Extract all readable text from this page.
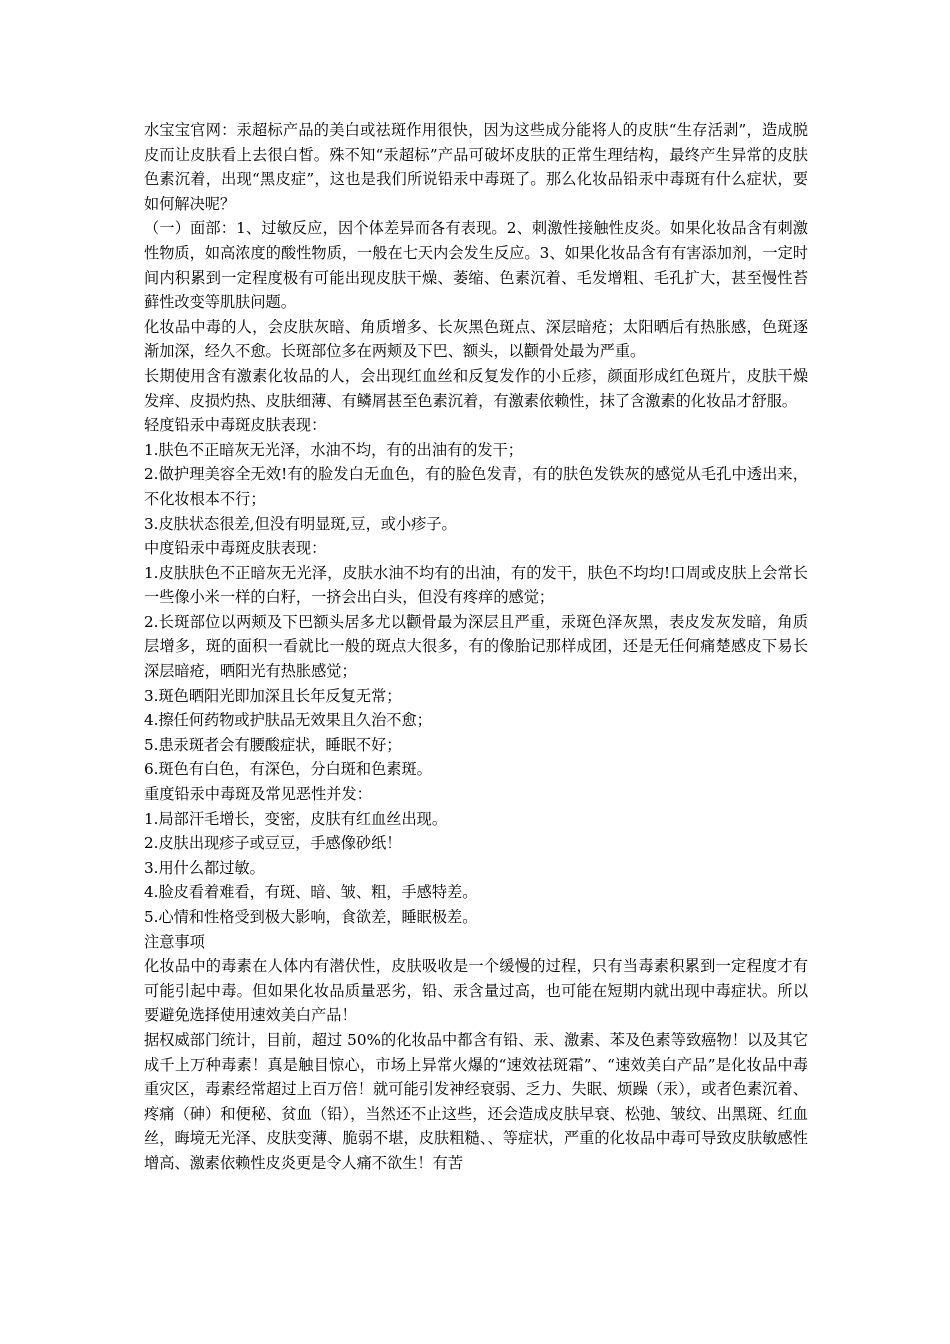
水宝宝官网：汞超标产品的美白或祛斑作用很快，因为这些成分能将人的皮肤“生存活剥”，造成脱皮而让皮肤看上去很白皙。殊不知“汞超标”产品可破坏皮肤的正常生理结构，最终产生异常的皮肤色素沉着，出现“黑皮症”，这也是我们所说铅汞中毒斑了。那么化妆品铅汞中毒斑有什么症状，要如何解决呢？

（一）面部：1、过敏反应，因个体差异而各有表现。2、刺激性接触性皮炎。如果化妆品含有刺激性物质，如高浓度的酸性物质，一般在七天内会发生反应。3、如果化妆品含有有害添加剂，一定时间内积累到一定程度极有可能出现皮肤干燥、萎缩、色素沉着、毛发增粗、毛孔扩大，甚至慢性苔藓性改变等肌肤问题。

化妆品中毒的人，会皮肤灰暗、角质增多、长灰黑色斑点、深层暗疮；太阳晒后有热胀感，色斑逐渐加深，经久不愈。长斑部位多在两颊及下巴、额头，以颧骨处最为严重。

长期使用含有激素化妆品的人，会出现红血丝和反复发作的小丘疹，颜面形成红色斑片，皮肤干燥发痒、皮损灼热、皮肤细薄、有鳞屑甚至色素沉着，有激素依赖性，抹了含激素的化妆品才舒服。

轻度铅汞中毒斑皮肤表现：

1.肤色不正暗灰无光泽，水油不均，有的出油有的发干；

2.做护理美容全无效!有的脸发白无血色，有的脸色发青，有的肤色发铁灰的感觉从毛孔中透出来，不化妆根本不行；

3.皮肤状态很差,但没有明显斑,豆，或小疹子。

中度铅汞中毒斑皮肤表现：

1.皮肤肤色不正暗灰无光泽，皮肤水油不均有的出油，有的发干，肤色不均均!口周或皮肤上会常长一些像小米一样的白籽，一挤会出白头，但没有疼痒的感觉；

2.长斑部位以两颊及下巴额头居多尤以颧骨最为深层且严重，汞斑色泽灰黑，表皮发灰发暗，角质层增多，斑的面积一看就比一般的斑点大很多，有的像胎记那样成团，还是无任何痛楚感皮下易长深层暗疮，晒阳光有热胀感觉；

3.斑色晒阳光即加深且长年反复无常；

4.擦任何药物或护肤品无效果且久治不愈；

5.患汞斑者会有腰酸症状，睡眠不好；

6.斑色有白色，有深色，分白斑和色素斑。

重度铅汞中毒斑及常见恶性并发：

1.局部汗毛增长，变密，皮肤有红血丝出现。

2.皮肤出现疹子或豆豆，手感像砂纸！

3.用什么都过敏。

4.脸皮看着难看，有斑、暗、皱、粗，手感特差。

5.心情和性格受到极大影响，食欲差，睡眠极差。

注意事项

化妆品中的毒素在人体内有潜伏性，皮肤吸收是一个缓慢的过程，只有当毒素积累到一定程度才有可能引起中毒。但如果化妆品质量恶劣，铅、汞含量过高，也可能在短期内就出现中毒症状。所以要避免选择使用速效美白产品！

据权威部门统计，目前，超过 50%的化妆品中都含有铅、汞、激素、苯及色素等致癌物！以及其它成千上万种毒素！真是触目惊心，市场上异常火爆的“速效祛斑霜”、“速效美白产品”是化妆品中毒重灾区，毒素经常超过上百万倍！就可能引发神经衰弱、乏力、失眠、烦躁（汞），或者色素沉着、疼痛（砷）和便秘、贫血（铅），当然还不止这些，还会造成皮肤早衰、松弛、皱纹、出黑斑、红血丝，晦境无光泽、皮肤变薄、脆弱不堪，皮肤粗糙、、等症状，严重的化妆品中毒可导致皮肤敏感性增高、激素依赖性皮炎更是令人痛不欲生！有苦
